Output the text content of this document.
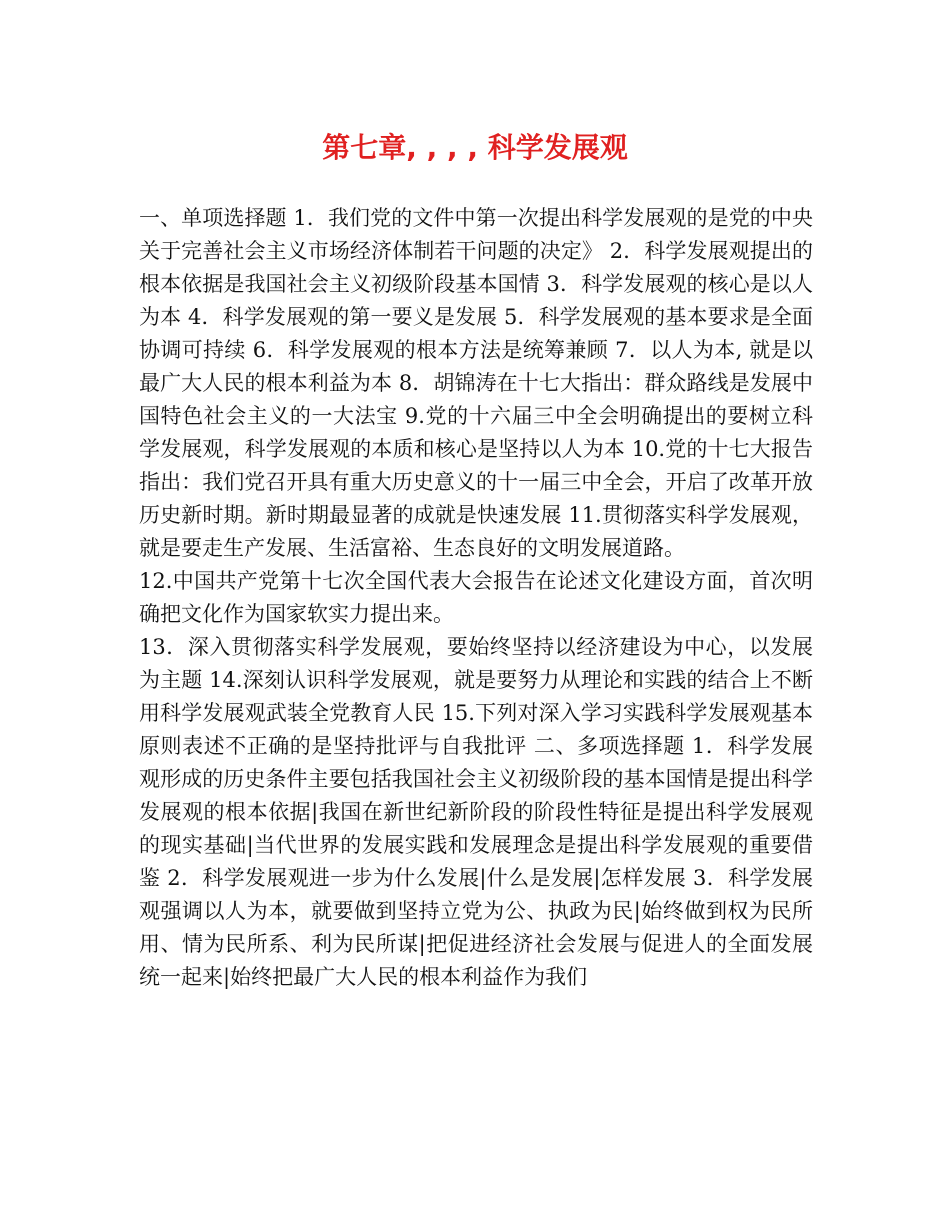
第七章, , , , 科学发展观

一、单项选择题 1．我们党的文件中第一次提出科学发展观的是党的中央关于完善社会主义市场经济体制若干问题的决定》 2．科学发展观提出的根本依据是我国社会主义初级阶段基本国情 3．科学发展观的核心是以人为本 4．科学发展观的第一要义是发展 5．科学发展观的基本要求是全面协调可持续 6．科学发展观的根本方法是统筹兼顾 7．以人为本, 就是以最广大人民的根本利益为本 8．胡锦涛在十七大指出：群众路线是发展中国特色社会主义的一大法宝 9.党的十六届三中全会明确提出的要树立科学发展观，科学发展观的本质和核心是坚持以人为本 10.党的十七大报告指出：我们党召开具有重大历史意义的十一届三中全会，开启了改革开放历史新时期。新时期最显著的成就是快速发展 11.贯彻落实科学发展观，就是要走生产发展、生活富裕、生态良好的文明发展道路。

12.中国共产党第十七次全国代表大会报告在论述文化建设方面，首次明确把文化作为国家软实力提出来。

13．深入贯彻落实科学发展观，要始终坚持以经济建设为中心，以发展为主题 14.深刻认识科学发展观，就是要努力从理论和实践的结合上不断用科学发展观武装全党教育人民 15.下列对深入学习实践科学发展观基本原则表述不正确的是坚持批评与自我批评 二、多项选择题 1．科学发展观形成的历史条件主要包括我国社会主义初级阶段的基本国情是提出科学发展观的根本依据|我国在新世纪新阶段的阶段性特征是提出科学发展观的现实基础|当代世界的发展实践和发展理念是提出科学发展观的重要借鉴 2．科学发展观进一步为什么发展|什么是发展|怎样发展 3．科学发展观强调以人为本，就要做到坚持立党为公、执政为民|始终做到权为民所用、情为民所系、利为民所谋|把促进经济社会发展与促进人的全面发展统一起来|始终把最广大人民的根本利益作为我们
